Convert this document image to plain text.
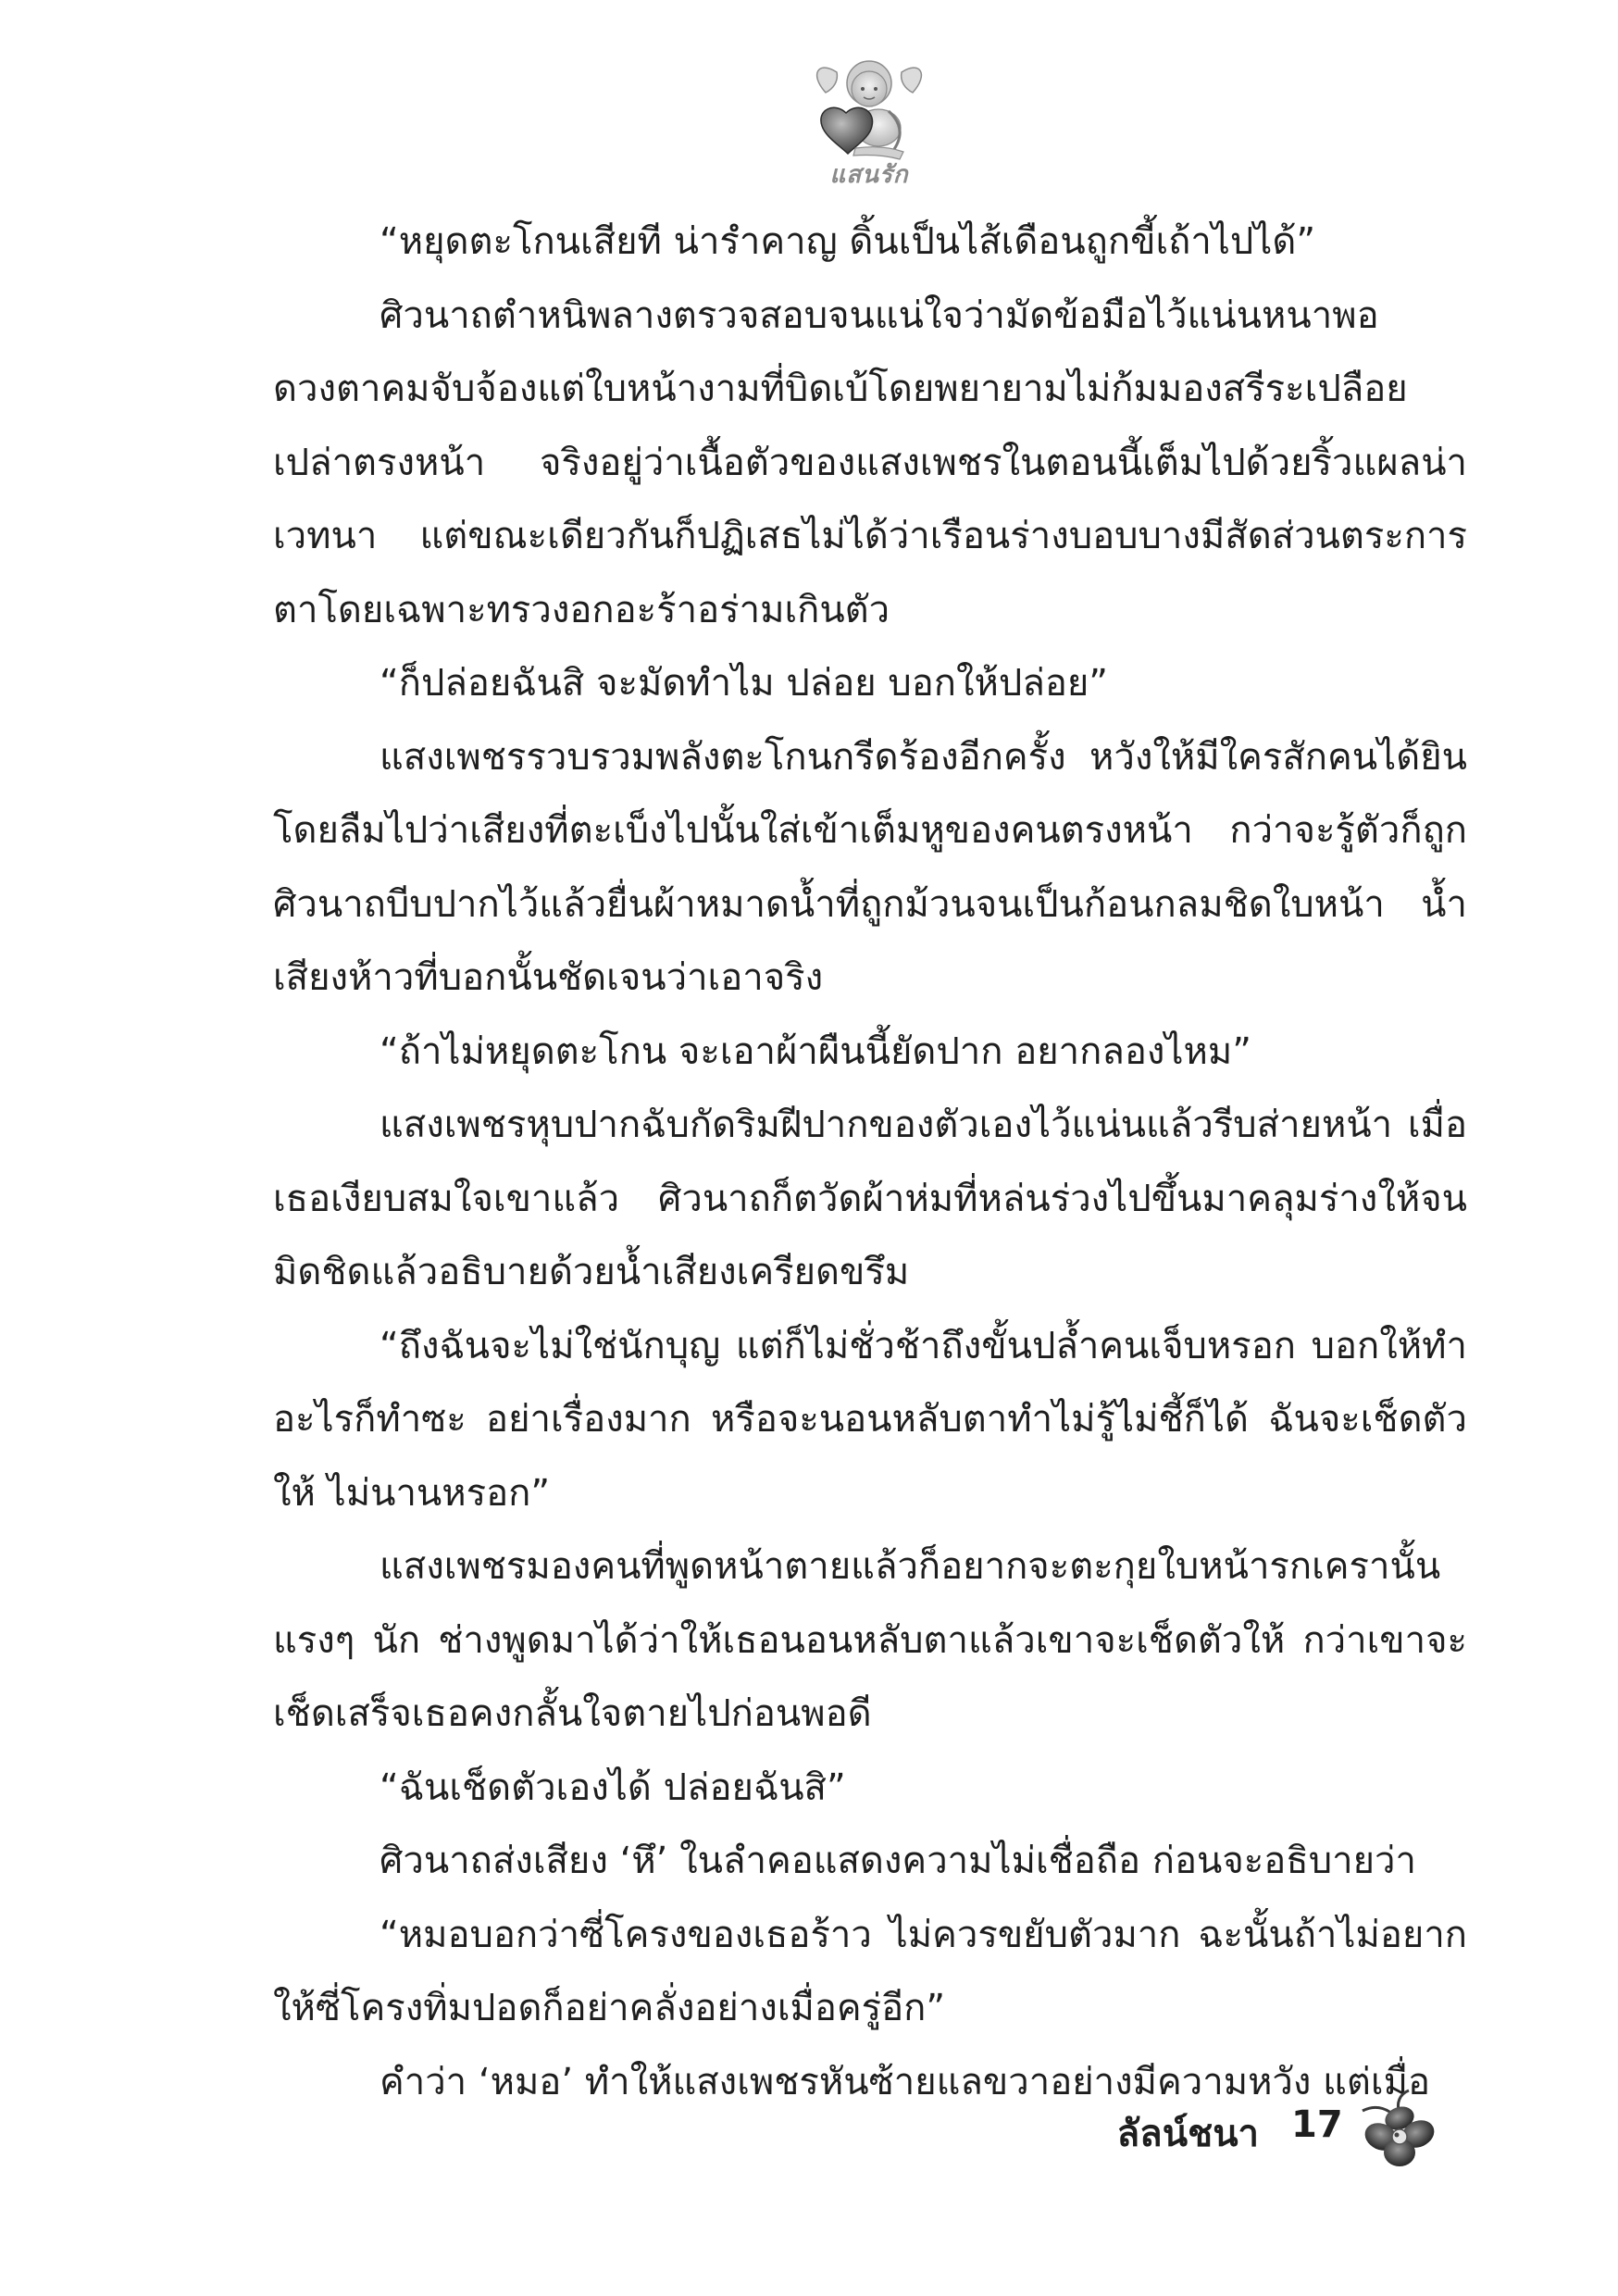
แสนรัก

“หยุดตะโกนเสียที น่ารำคาญ ดิ้นเป็นไส้เดือนถูกขี้เถ้าไปได้”

ศิวนาถตำหนิพลางตรวจสอบจนแน่ใจว่ามัดข้อมือไว้แน่นหนาพอ ดวงตาคมจับจ้องแต่ใบหน้างามที่บิดเบ้โดยพยายามไม่ก้มมองสรีระเปลือยเปล่าตรงหน้า จริงอยู่ว่าเนื้อตัวของแสงเพชรในตอนนี้เต็มไปด้วยริ้วแผลน่าเวทนา แต่ขณะเดียวกันก็ปฏิเสธไม่ได้ว่าเรือนร่างบอบบางมีสัดส่วนตระการตาโดยเฉพาะทรวงอกอะร้าอร่ามเกินตัว

“ก็ปล่อยฉันสิ จะมัดทำไม ปล่อย บอกให้ปล่อย”

แสงเพชรรวบรวมพลังตะโกนกรีดร้องอีกครั้ง หวังให้มีใครสักคนได้ยิน โดยลืมไปว่าเสียงที่ตะเบ็งไปนั้นใส่เข้าเต็มหูของคนตรงหน้า กว่าจะรู้ตัวก็ถูกศิวนาถบีบปากไว้แล้วยื่นผ้าหมาดน้ำที่ถูกม้วนจนเป็นก้อนกลมชิดใบหน้า น้ำเสียงห้าวที่บอกนั้นชัดเจนว่าเอาจริง

“ถ้าไม่หยุดตะโกน จะเอาผ้าผืนนี้ยัดปาก อยากลองไหม”

แสงเพชรหุบปากฉับกัดริมฝีปากของตัวเองไว้แน่นแล้วรีบส่ายหน้า เมื่อเธอเงียบสมใจเขาแล้ว ศิวนาถก็ตวัดผ้าห่มที่หล่นร่วงไปขึ้นมาคลุมร่างให้จนมิดชิดแล้วอธิบายด้วยน้ำเสียงเครียดขรึม

“ถึงฉันจะไม่ใช่นักบุญ แต่ก็ไม่ชั่วช้าถึงขั้นปล้ำคนเจ็บหรอก บอกให้ทำอะไรก็ทำซะ อย่าเรื่องมาก หรือจะนอนหลับตาทำไม่รู้ไม่ชี้ก็ได้ ฉันจะเช็ดตัวให้ ไม่นานหรอก”

แสงเพชรมองคนที่พูดหน้าตายแล้วก็อยากจะตะกุยใบหน้ารกเครานั้นแรงๆ นัก ช่างพูดมาได้ว่าให้เธอนอนหลับตาแล้วเขาจะเช็ดตัวให้ กว่าเขาจะเช็ดเสร็จเธอคงกลั้นใจตายไปก่อนพอดี

“ฉันเช็ดตัวเองได้ ปล่อยฉันสิ”

ศิวนาถส่งเสียง ‘หึ’ ในลำคอแสดงความไม่เชื่อถือ ก่อนจะอธิบายว่า

“หมอบอกว่าซี่โครงของเธอร้าว ไม่ควรขยับตัวมาก ฉะนั้นถ้าไม่อยากให้ซี่โครงทิ่มปอดก็อย่าคลั่งอย่างเมื่อครู่อีก”

คำว่า ‘หมอ’ ทำให้แสงเพชรหันซ้ายแลขวาอย่างมีความหวัง แต่เมื่อ

ลัลน์ชนา 17
